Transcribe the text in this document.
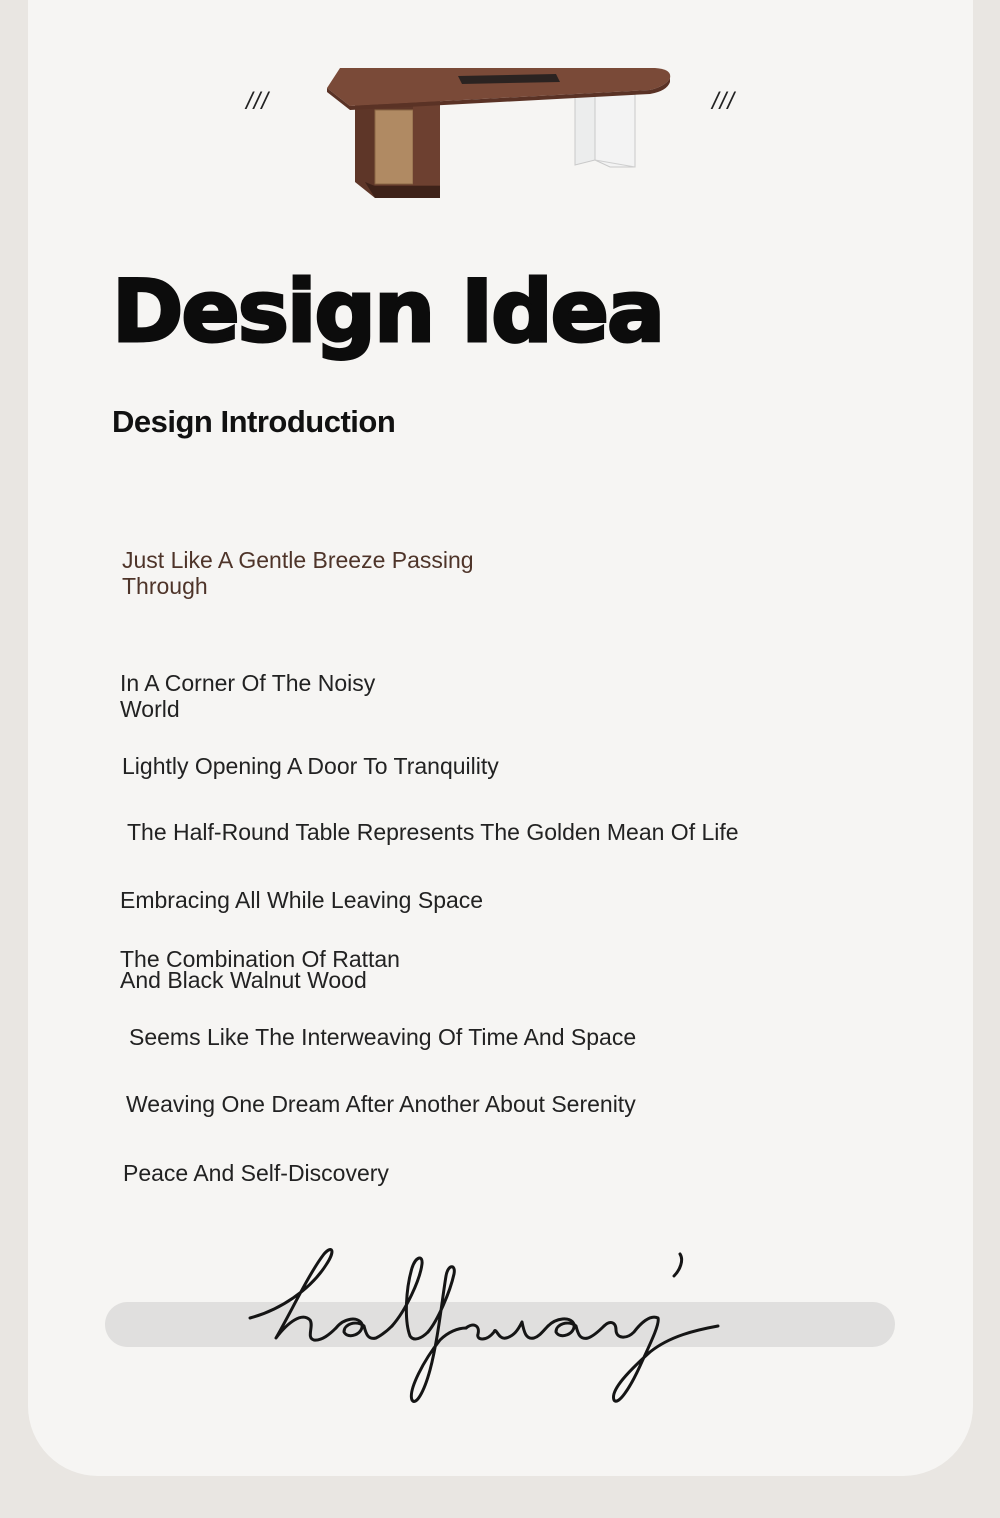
///	///
Design Idea
Design Introduction
Just Like A Gentle Breeze Passing
Through
In A Corner Of The Noisy
World
Lightly Opening A Door To Tranquility
The Half-Round Table Represents The Golden Mean Of Life
Embracing All While Leaving Space
The Combination Of Rattan
And Black Walnut Wood
Seems Like The Interweaving Of Time And Space
Weaving One Dream After Another About Serenity
Peace And Self-Discovery
